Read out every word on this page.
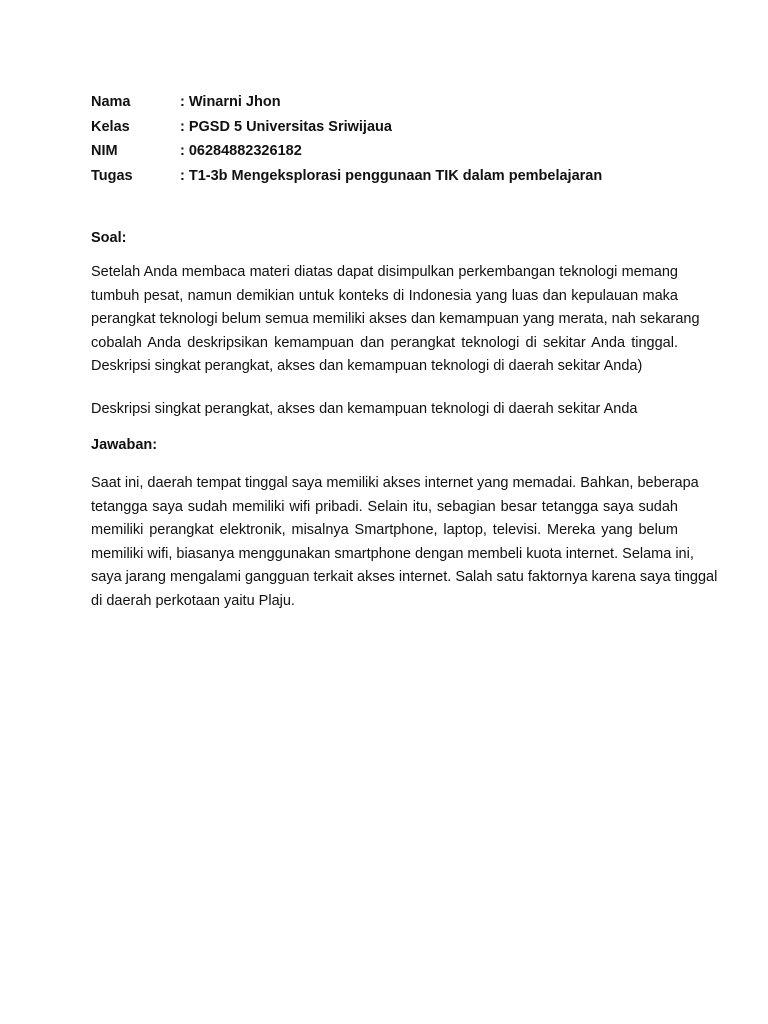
Nama	: Winarni Jhon
Kelas	: PGSD 5 Universitas Sriwijaua
NIM	: 06284882326182
Tugas	: T1-3b Mengeksplorasi penggunaan TIK dalam pembelajaran
Soal:
Setelah Anda membaca materi diatas dapat disimpulkan perkembangan teknologi memang
tumbuh pesat, namun demikian untuk konteks di Indonesia yang luas dan kepulauan maka
perangkat teknologi belum semua memiliki akses dan kemampuan yang merata, nah sekarang
cobalah Anda deskripsikan kemampuan dan perangkat teknologi di sekitar Anda tinggal.
Deskripsi singkat perangkat, akses dan kemampuan teknologi di daerah sekitar Anda)
Deskripsi singkat perangkat, akses dan kemampuan teknologi di daerah sekitar Anda
Jawaban:
Saat ini, daerah tempat tinggal saya memiliki akses internet yang memadai. Bahkan, beberapa
tetangga saya sudah memiliki wifi pribadi. Selain itu, sebagian besar tetangga saya sudah
memiliki perangkat elektronik, misalnya Smartphone, laptop, televisi. Mereka yang belum
memiliki wifi, biasanya menggunakan smartphone dengan membeli kuota internet. Selama ini,
saya jarang mengalami gangguan terkait akses internet. Salah satu faktornya karena saya tinggal
di daerah perkotaan yaitu Plaju.
